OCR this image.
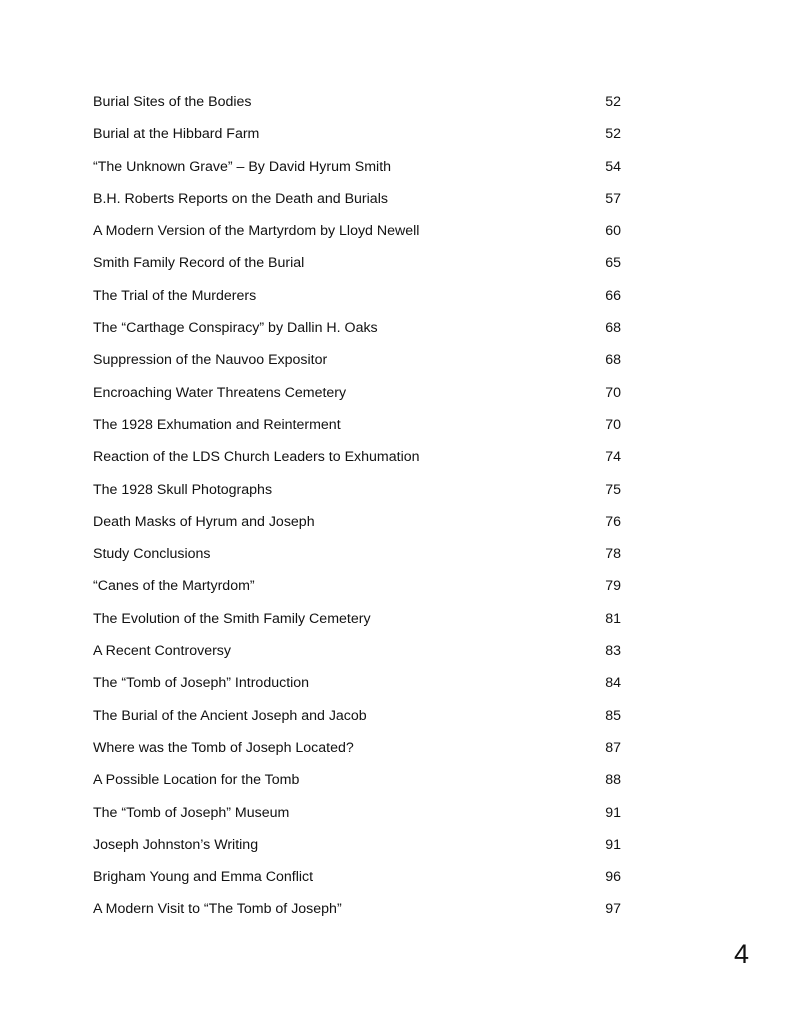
Burial Sites of the Bodies	52
Burial at the Hibbard Farm	52
“The Unknown Grave” – By David Hyrum Smith	54
B.H. Roberts Reports on the Death and Burials	57
A Modern Version of the Martyrdom by Lloyd Newell	60
Smith Family Record of the Burial	65
The Trial of the Murderers	66
The “Carthage Conspiracy” by Dallin H. Oaks	68
Suppression of the Nauvoo Expositor	68
Encroaching Water Threatens Cemetery	70
The 1928 Exhumation and Reinterment	70
Reaction of the LDS Church Leaders to Exhumation	74
The 1928 Skull Photographs	75
Death Masks of Hyrum and Joseph	76
Study Conclusions	78
“Canes of the Martyrdom”	79
The Evolution of the Smith Family Cemetery	81
A Recent Controversy	83
The “Tomb of Joseph” Introduction	84
The Burial of the Ancient Joseph and Jacob	85
Where was the Tomb of Joseph Located?	87
A Possible Location for the Tomb	88
The “Tomb of Joseph” Museum	91
Joseph Johnston’s Writing	91
Brigham Young and Emma Conflict	96
A Modern Visit to “The Tomb of Joseph”	97
4
